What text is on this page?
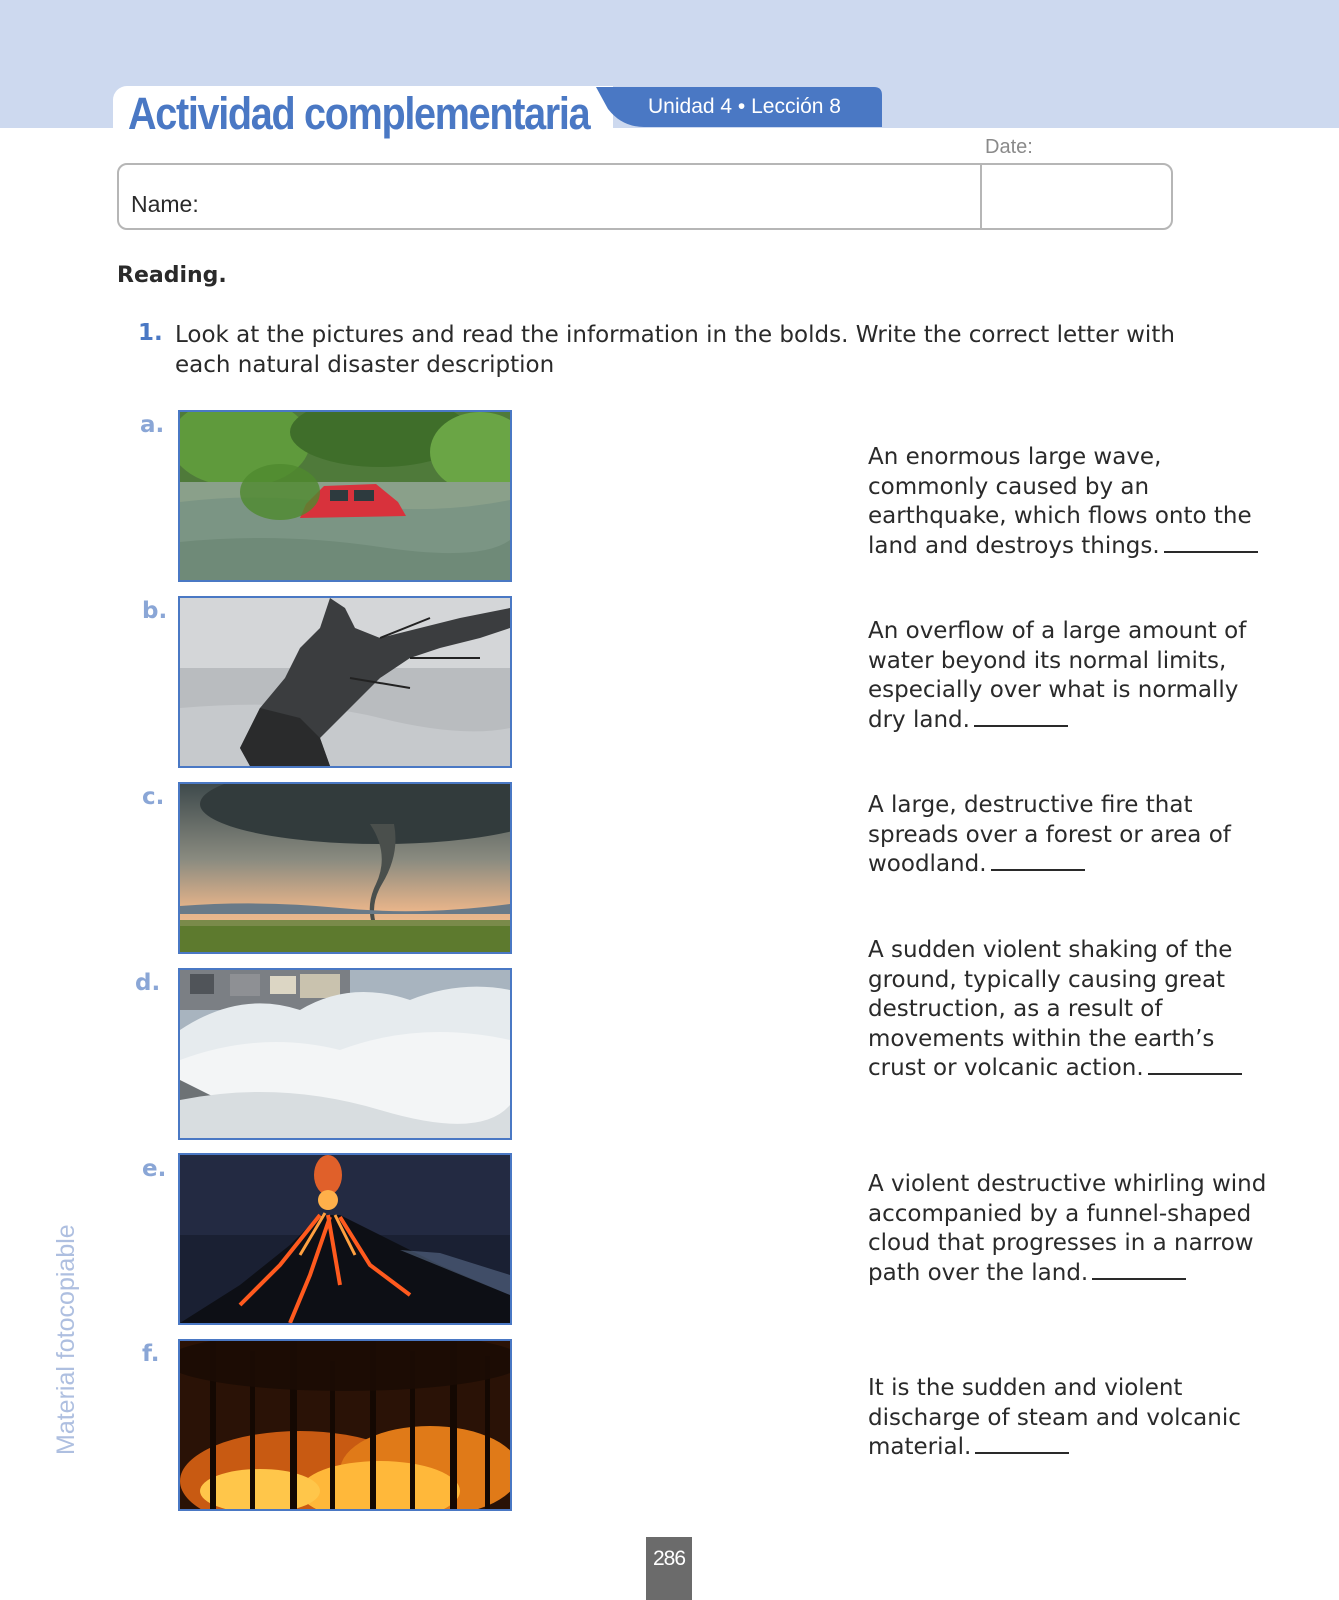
Actividad complementaria	Unidad 4 • Lección 8
Date:
Name:
Reading.
1. Look at the pictures and read the information in the bolds. Write the correct letter with each natural disaster description
a.
b.
c.
d.
e.
f.
An enormous large wave, commonly caused by an earthquake, which flows onto the land and destroys things.
An overflow of a large amount of water beyond its normal limits, especially over what is normally dry land.
A large, destructive fire that spreads over a forest or area of woodland.
A sudden violent shaking of the ground, typically causing great destruction, as a result of movements within the earth’s crust or volcanic action.
A violent destructive whirling wind accompanied by a funnel-shaped cloud that progresses in a narrow path over the land.
It is the sudden and violent discharge of steam and volcanic material.
Material fotocopiable
286
